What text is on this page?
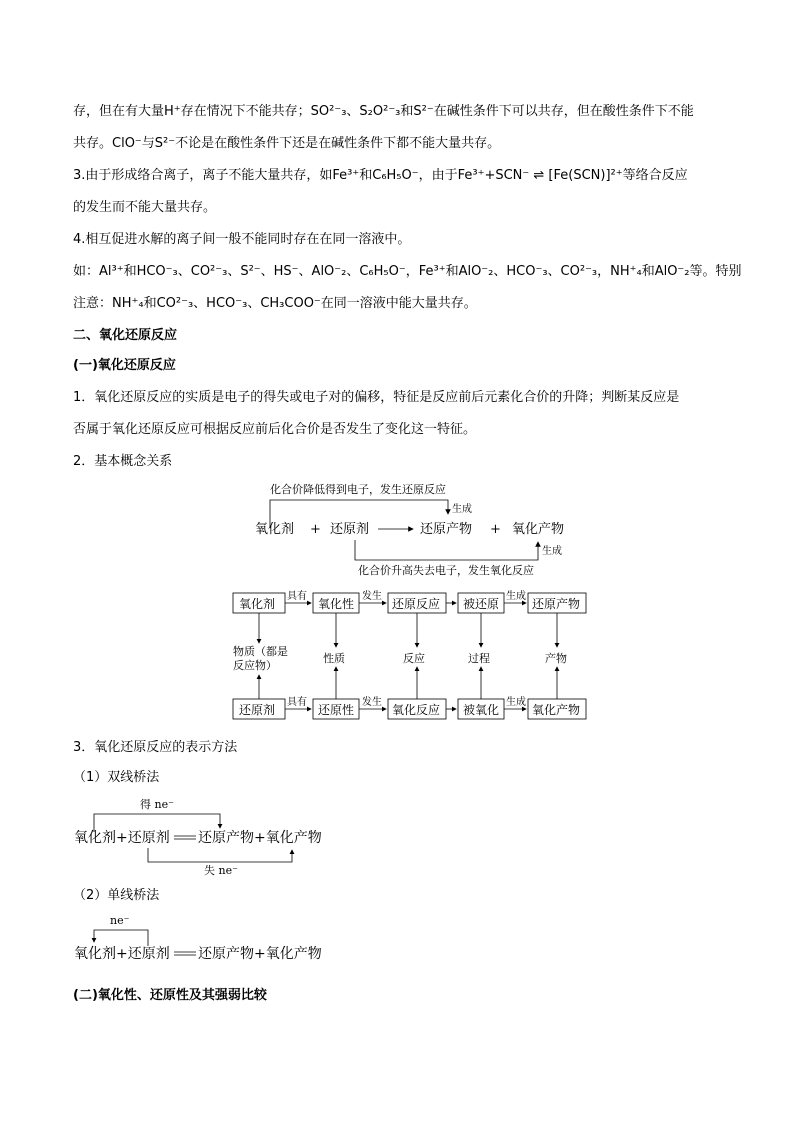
存，但在有大量H⁺存在情况下不能共存；SO²⁻₃、S₂O²⁻₃和S²⁻在碱性条件下可以共存，但在酸性条件下不能
共存。ClO⁻与S²⁻不论是在酸性条件下还是在碱性条件下都不能大量共存。
3.由于形成络合离子，离子不能大量共存，如Fe³⁺和C₆H₅O⁻，由于Fe³⁺+SCN⁻ ⇌ [Fe(SCN)]²⁺等络合反应
的发生而不能大量共存。
4.相互促进水解的离子间一般不能同时存在在同一溶液中。
如：Al³⁺和HCO⁻₃、CO²⁻₃、S²⁻、HS⁻、AlO⁻₂、C₆H₅O⁻，Fe³⁺和AlO⁻₂、HCO⁻₃、CO²⁻₃，NH⁺₄和AlO⁻₂等。特别
注意：NH⁺₄和CO²⁻₃、HCO⁻₃、CH₃COO⁻在同一溶液中能大量共存。
二、氧化还原反应
(一)氧化还原反应
1．氧化还原反应的实质是电子的得失或电子对的偏移，特征是反应前后元素化合价的升降；判断某反应是
否属于氧化还原反应可根据反应前后化合价是否发生了变化这一特征。
2．基本概念关系
化合价降低得到电子，发生还原反应
生成
氧化剂 + 还原剂	还原产物 + 氧化产物
生成
化合价升高失去电子，发生氧化反应
氧化剂	氧化性	还原反应 被还原	还原产物
具有	发生	生成
物质（都是
反应物）
性质	反应	过程	产物
还原剂	还原性	氧化反应 被氧化	氧化产物
具有	发生	生成
3．氧化还原反应的表示方法
（1）双线桥法
得 ne⁻
氧化剂+还原剂 还原产物+氧化产物
失 ne⁻
（2）单线桥法
ne⁻
氧化剂+还原剂 还原产物+氧化产物
(二)氧化性、还原性及其强弱比较
